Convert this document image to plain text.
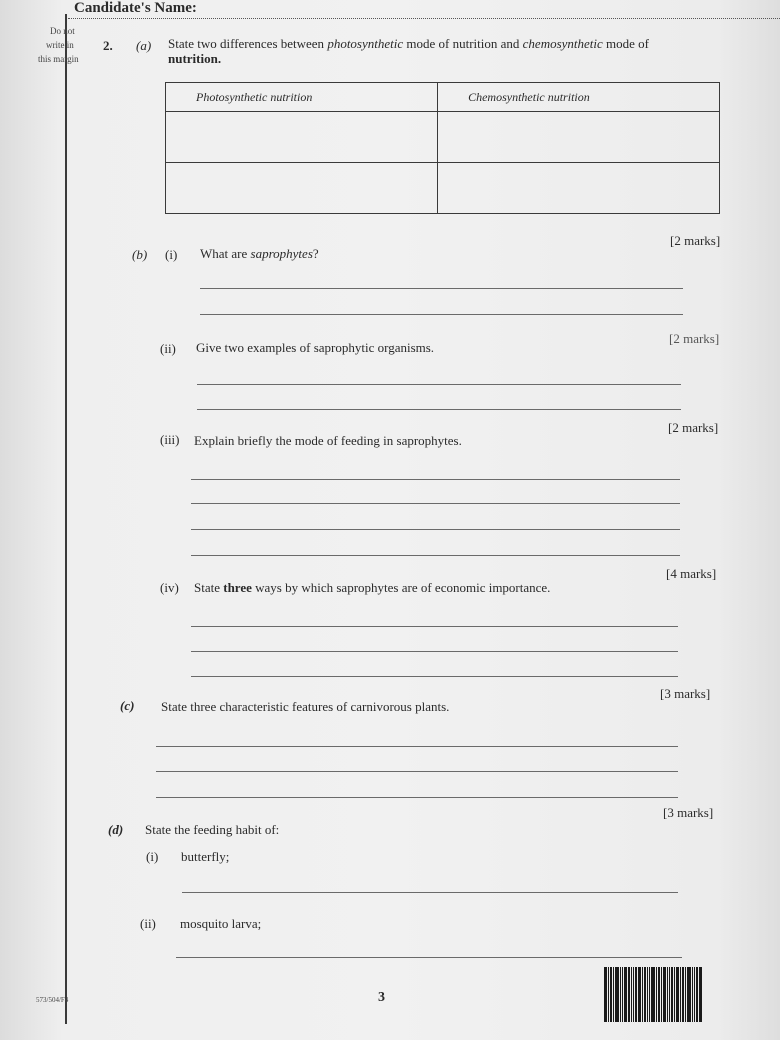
Candidate's Name:
Do not
write in
this margin
2. (a) State two differences between photosynthetic mode of nutrition and chemosynthetic mode of
nutrition.
Photosynthetic nutrition	Chemosynthetic nutrition

[2 marks]
(b) (i) What are saprophytes?
[2 marks]
(ii) Give two examples of saprophytic organisms.
[2 marks]
(iii) Explain briefly the mode of feeding in saprophytes.
[4 marks]
(iv) State three ways by which saprophytes are of economic importance.
[3 marks]
(c) State three characteristic features of carnivorous plants.
[3 marks]
(d) State the feeding habit of:
(i) butterfly;
(ii) mosquito larva;
573/504/F4	3
